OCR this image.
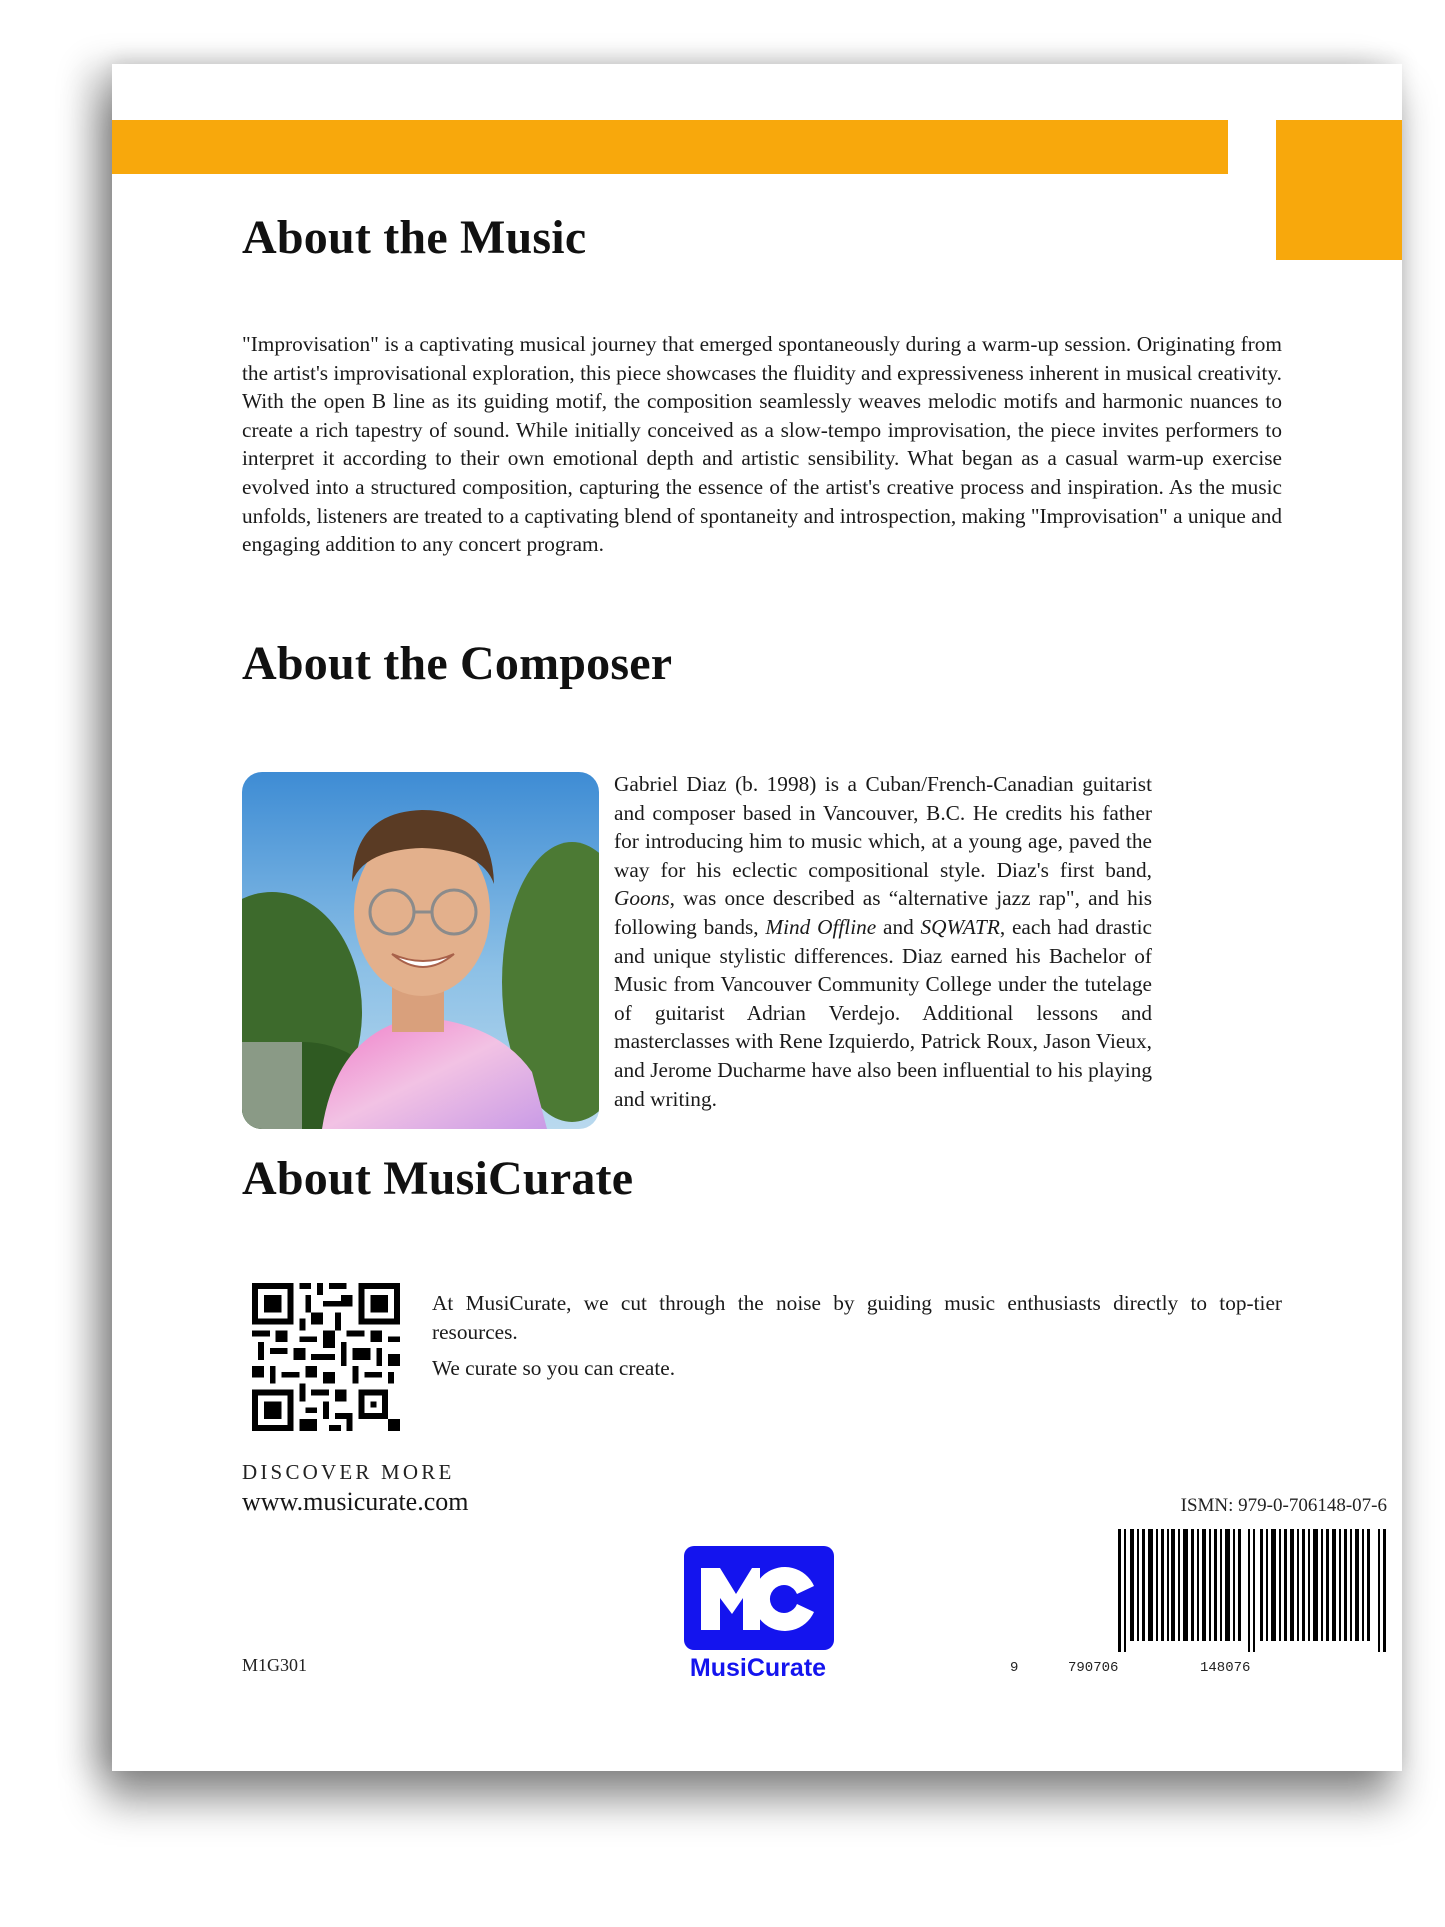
About the Music

"Improvisation" is a captivating musical journey that emerged spontaneously during a warm-up session. Originating from the artist's improvisational exploration, this piece showcases the fluidity and expressiveness inherent in musical creativity. With the open B line as its guiding motif, the composition seamlessly weaves melodic motifs and harmonic nuances to create a rich tapestry of sound. While initially conceived as a slow-tempo improvisation, the piece invites performers to interpret it according to their own emotional depth and artistic sensibility. What began as a casual warm-up exercise evolved into a structured composition, capturing the essence of the artist's creative process and inspiration. As the music unfolds, listeners are treated to a captivating blend of spontaneity and introspection, making "Improvisation" a unique and engaging addition to any concert program.

About the Composer

Gabriel Diaz (b. 1998) is a Cuban/French-Canadian guitarist and composer based in Vancouver, B.C. He credits his father for introducing him to music which, at a young age, paved the way for his eclectic compositional style. Diaz's first band, Goons, was once described as “alternative jazz rap", and his following bands, Mind Offline and SQWATR, each had drastic and unique stylistic differences. Diaz earned his Bachelor of Music from Vancouver Community College under the tutelage of guitarist Adrian Verdejo. Additional lessons and masterclasses with Rene Izquierdo, Patrick Roux, Jason Vieux, and Jerome Ducharme have also been influential to his playing and writing.

About MusiCurate

At MusiCurate, we cut through the noise by guiding music enthusiasts directly to top-tier resources.

We curate so you can create.

DISCOVER MORE
www.musicurate.com
M1G301	MusiCurate
ISMN: 979-0-706148-07-6
9	790706	148076
